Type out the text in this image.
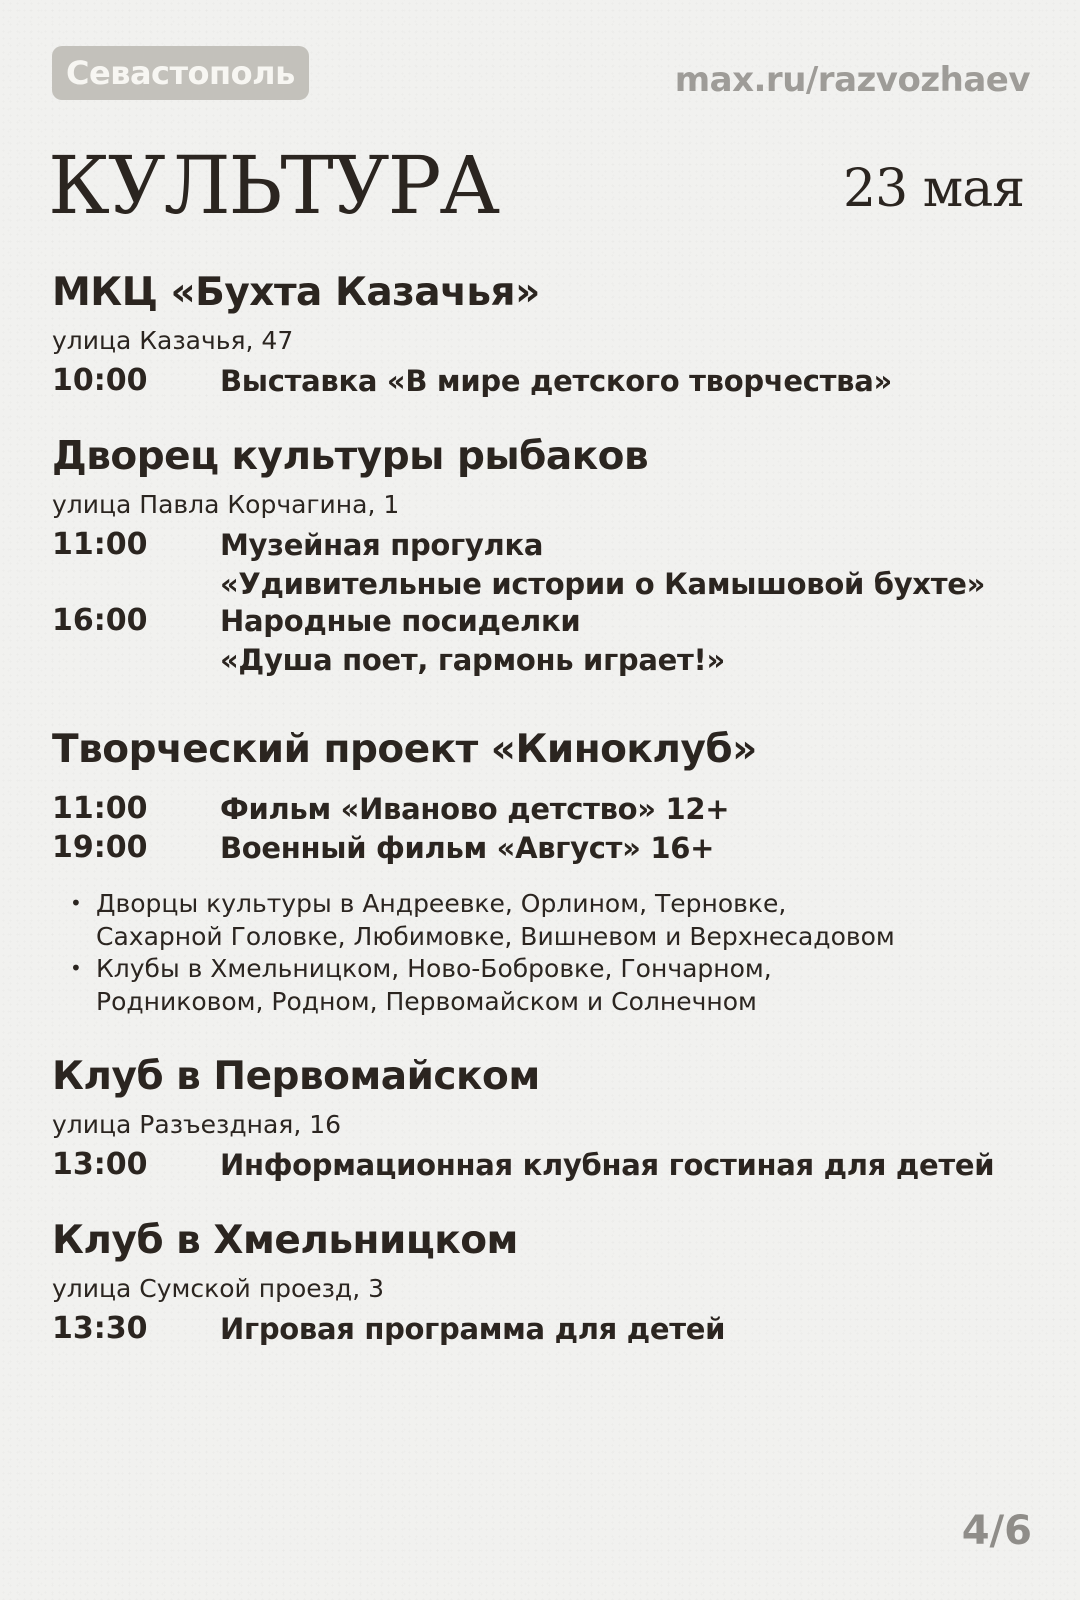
Севастополь	max.ru/razvozhaev
КУЛЬТУРА	23 мая
МКЦ «Бухта Казачья»
улица Казачья, 47
10:00	Выставка «В мире детского творчества»
Дворец культуры рыбаков
улица Павла Корчагина, 1
11:00	Музейная прогулка
«Удивительные истории о Камышовой бухте»
16:00	Народные посиделки
«Душа поет, гармонь играет!»
Творческий проект «Киноклуб»
11:00	Фильм «Иваново детство» 12+
19:00	Военный фильм «Август» 16+
• Дворцы культуры в Андреевке, Орлином, Терновке,
Сахарной Головке, Любимовке, Вишневом и Верхнесадовом
• Клубы в Хмельницком, Ново-Бобровке, Гончарном,
Родниковом, Родном, Первомайском и Солнечном
Клуб в Первомайском
улица Разъездная, 16
13:00	Информационная клубная гостиная для детей
Клуб в Хмельницком
улица Сумской проезд, 3
13:30	Игровая программа для детей
4/6
